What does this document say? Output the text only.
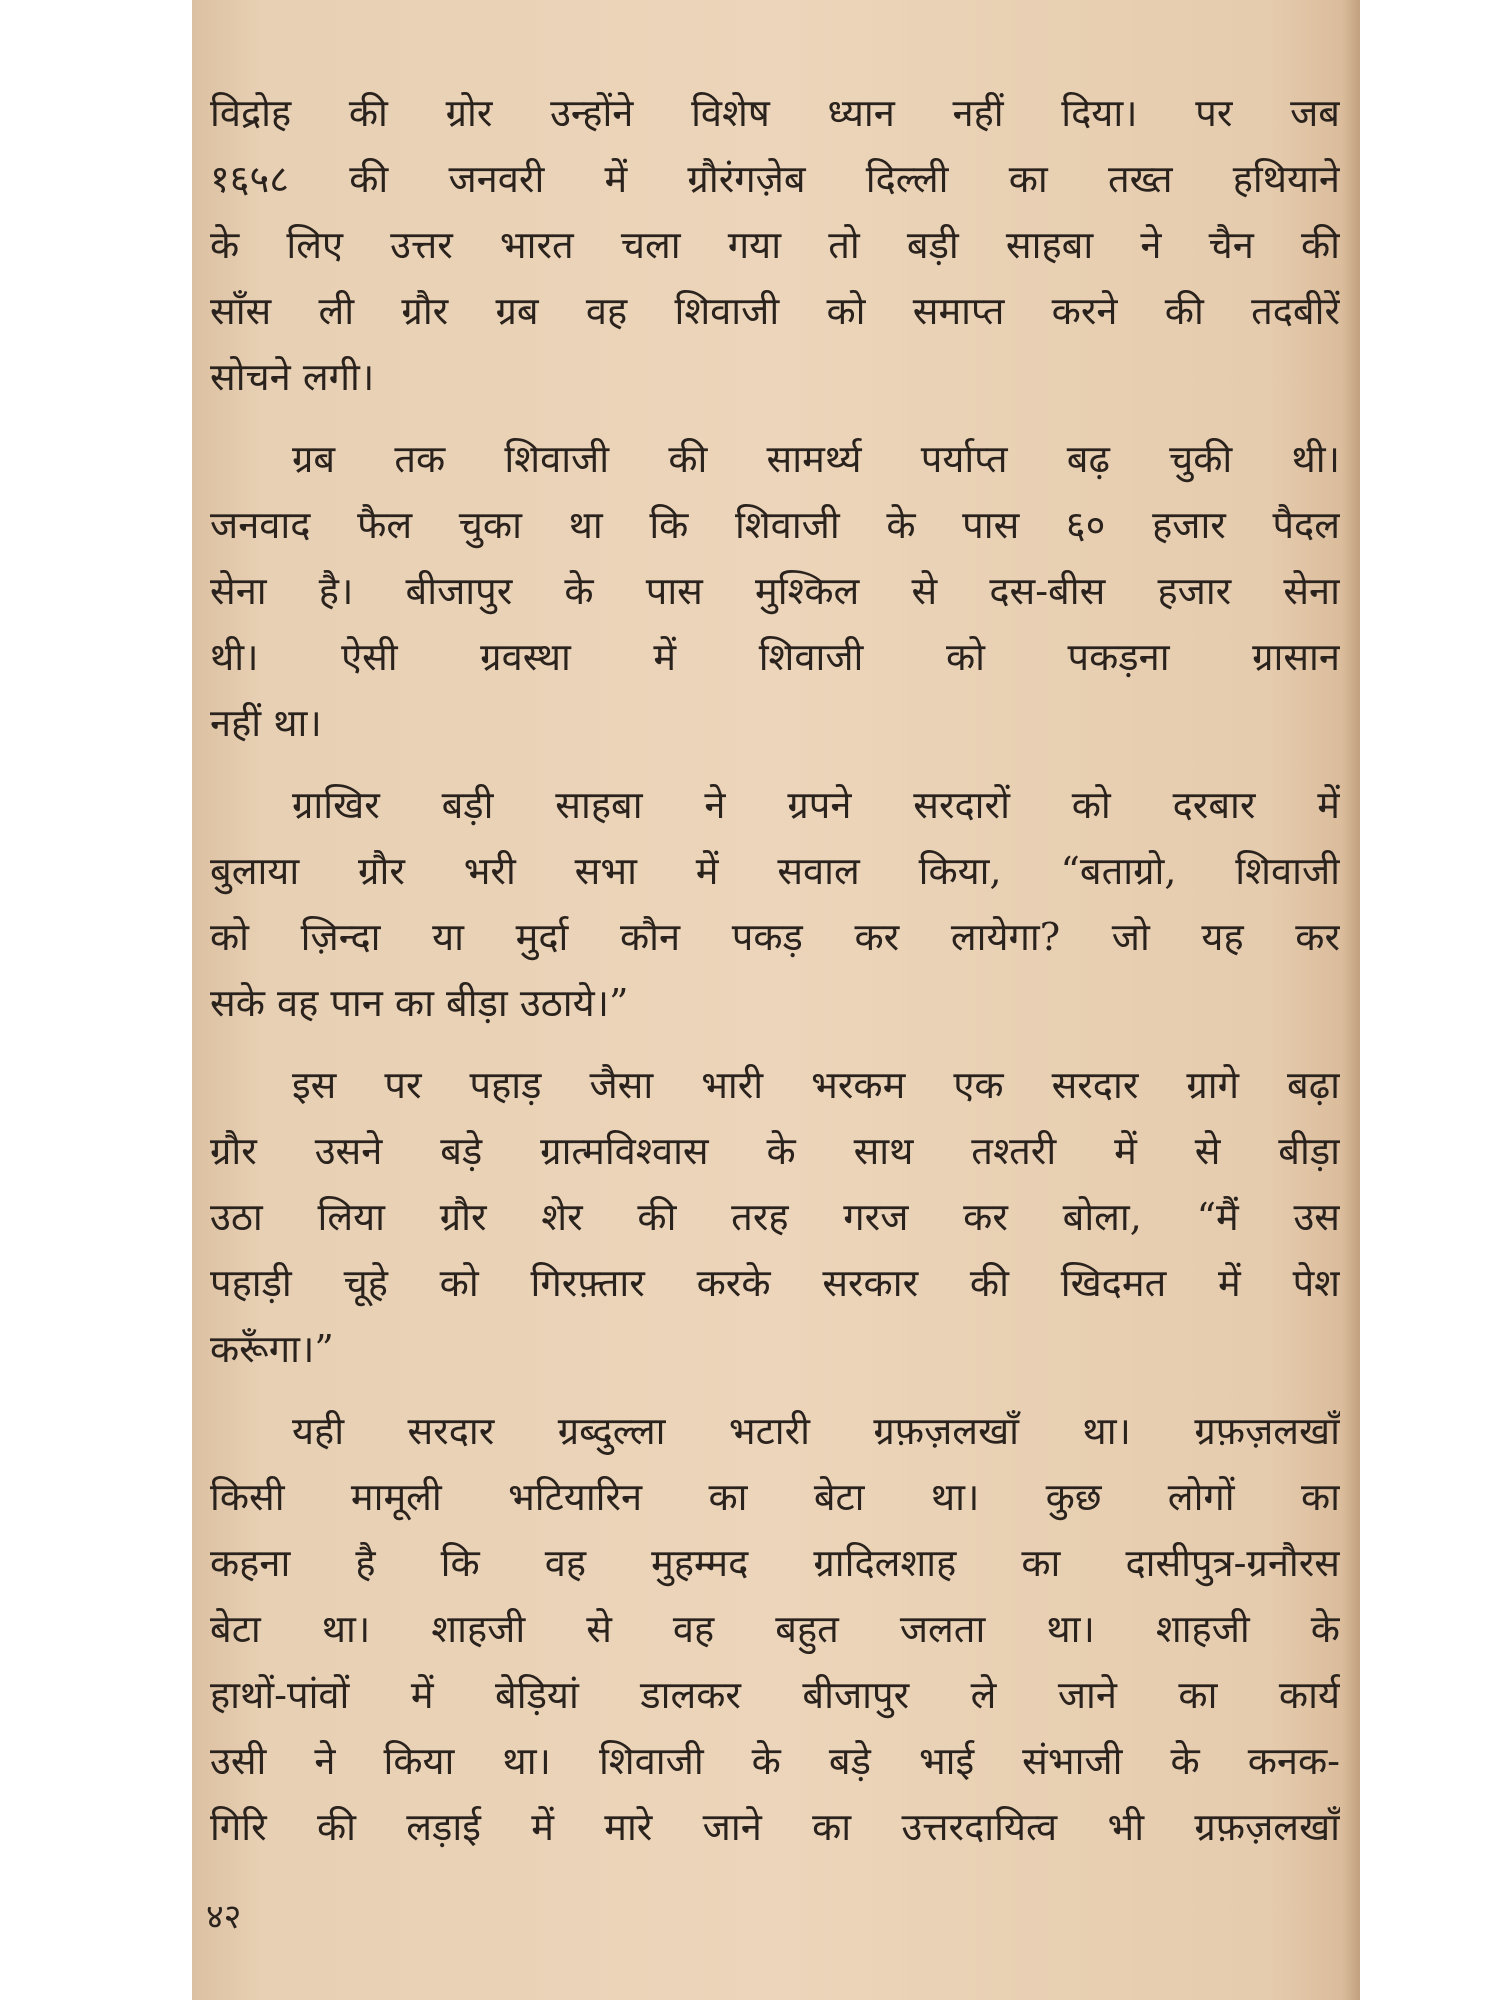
विद्रोह की ग्रोर उन्होंने विशेष ध्यान नहीं दिया। पर जब
१६५८ की जनवरी में ग्रौरंगज़ेब दिल्ली का तख्त हथियाने
के लिए उत्तर भारत चला गया तो बड़ी साहबा ने चैन की
साँस ली ग्रौर ग्रब वह शिवाजी को समाप्त करने की तदबीरें
सोचने लगी।
ग्रब तक शिवाजी की सामर्थ्य पर्याप्त बढ़ चुकी थी।
जनवाद फैल चुका था कि शिवाजी के पास ६० हजार पैदल
सेना है। बीजापुर के पास मुश्किल से दस-बीस हजार सेना
थी। ऐसी ग्रवस्था में शिवाजी को पकड़ना ग्रासान
नहीं था।
ग्राखिर बड़ी साहबा ने ग्रपने सरदारों को दरबार में
बुलाया ग्रौर भरी सभा में सवाल किया, “बताग्रो, शिवाजी
को ज़िन्दा या मुर्दा कौन पकड़ कर लायेगा? जो यह कर
सके वह पान का बीड़ा उठाये।”
इस पर पहाड़ जैसा भारी भरकम एक सरदार ग्रागे बढ़ा
ग्रौर उसने बड़े ग्रात्मविश्वास के साथ तश्तरी में से बीड़ा
उठा लिया ग्रौर शेर की तरह गरज कर बोला, “मैं उस
पहाड़ी चूहे को गिरफ़्तार करके सरकार की खिदमत में पेश
करूँगा।”
यही सरदार ग्रब्दुल्ला भटारी ग्रफ़ज़लखाँ था। ग्रफ़ज़लखाँ
किसी मामूली भटियारिन का बेटा था। कुछ लोगों का
कहना है कि वह मुहम्मद ग्रादिलशाह का दासीपुत्र-ग्रनौरस
बेटा था। शाहजी से वह बहुत जलता था। शाहजी के
हाथों-पांवों में बेड़ियां डालकर बीजापुर ले जाने का कार्य
उसी ने किया था। शिवाजी के बड़े भाई संभाजी के कनक-
गिरि की लड़ाई में मारे जाने का उत्तरदायित्व भी ग्रफ़ज़लखाँ
४२
